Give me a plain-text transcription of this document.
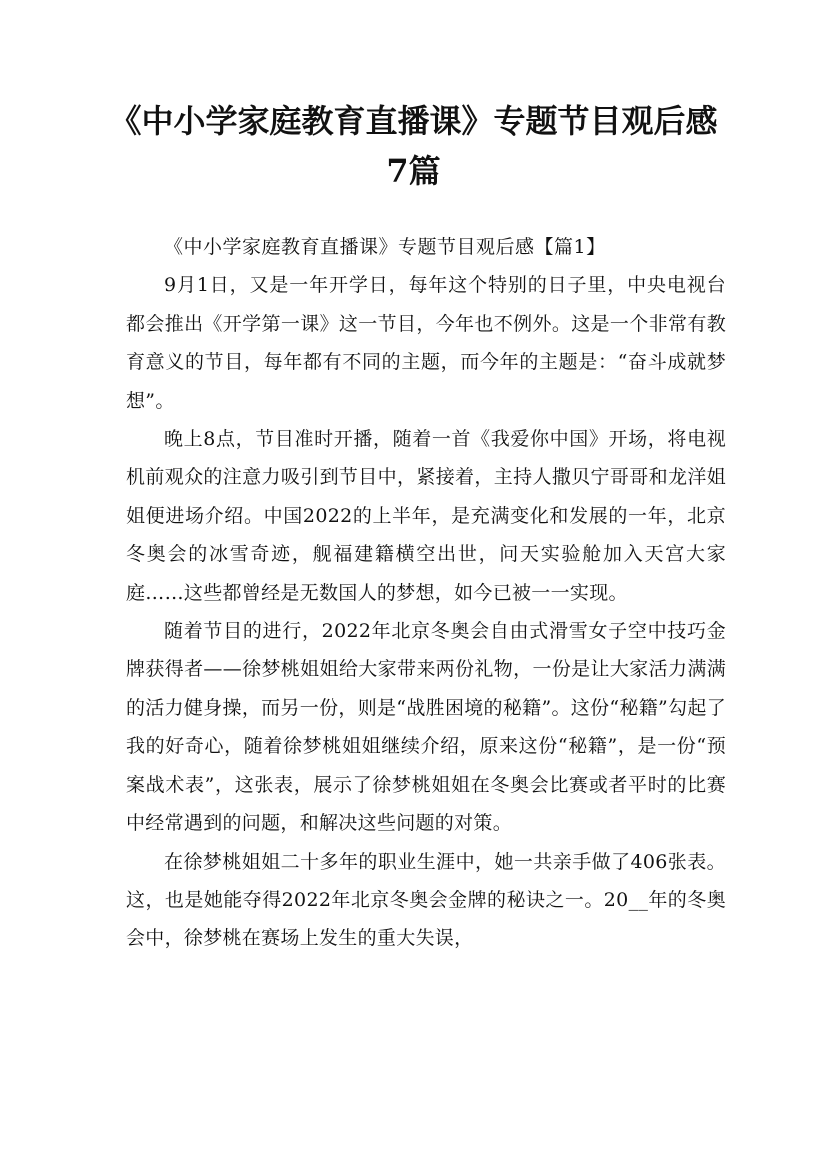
《中小学家庭教育直播课》专题节目观后感
7篇

《中小学家庭教育直播课》专题节目观后感【篇1】

9月1日，又是一年开学日，每年这个特别的日子里，中央电视台都会推出《开学第一课》这一节目，今年也不例外。这是一个非常有教育意义的节目，每年都有不同的主题，而今年的主题是：“奋斗成就梦想”。

晚上8点，节目准时开播，随着一首《我爱你中国》开场，将电视机前观众的注意力吸引到节目中，紧接着，主持人撒贝宁哥哥和龙洋姐姐便进场介绍。中国2022的上半年，是充满变化和发展的一年，北京冬奥会的冰雪奇迹，舰福建籍横空出世，问天实验舱加入天宫大家庭……这些都曾经是无数国人的梦想，如今已被一一实现。

随着节目的进行，2022年北京冬奥会自由式滑雪女子空中技巧金牌获得者——徐梦桃姐姐给大家带来两份礼物，一份是让大家活力满满的活力健身操，而另一份，则是“战胜困境的秘籍”。这份“秘籍”勾起了我的好奇心，随着徐梦桃姐姐继续介绍，原来这份“秘籍”，是一份“预案战术表”，这张表，展示了徐梦桃姐姐在冬奥会比赛或者平时的比赛中经常遇到的问题，和解决这些问题的对策。

在徐梦桃姐姐二十多年的职业生涯中，她一共亲手做了406张表。这，也是她能夺得2022年北京冬奥会金牌的秘诀之一。20__年的冬奥会中，徐梦桃在赛场上发生的重大失误，
